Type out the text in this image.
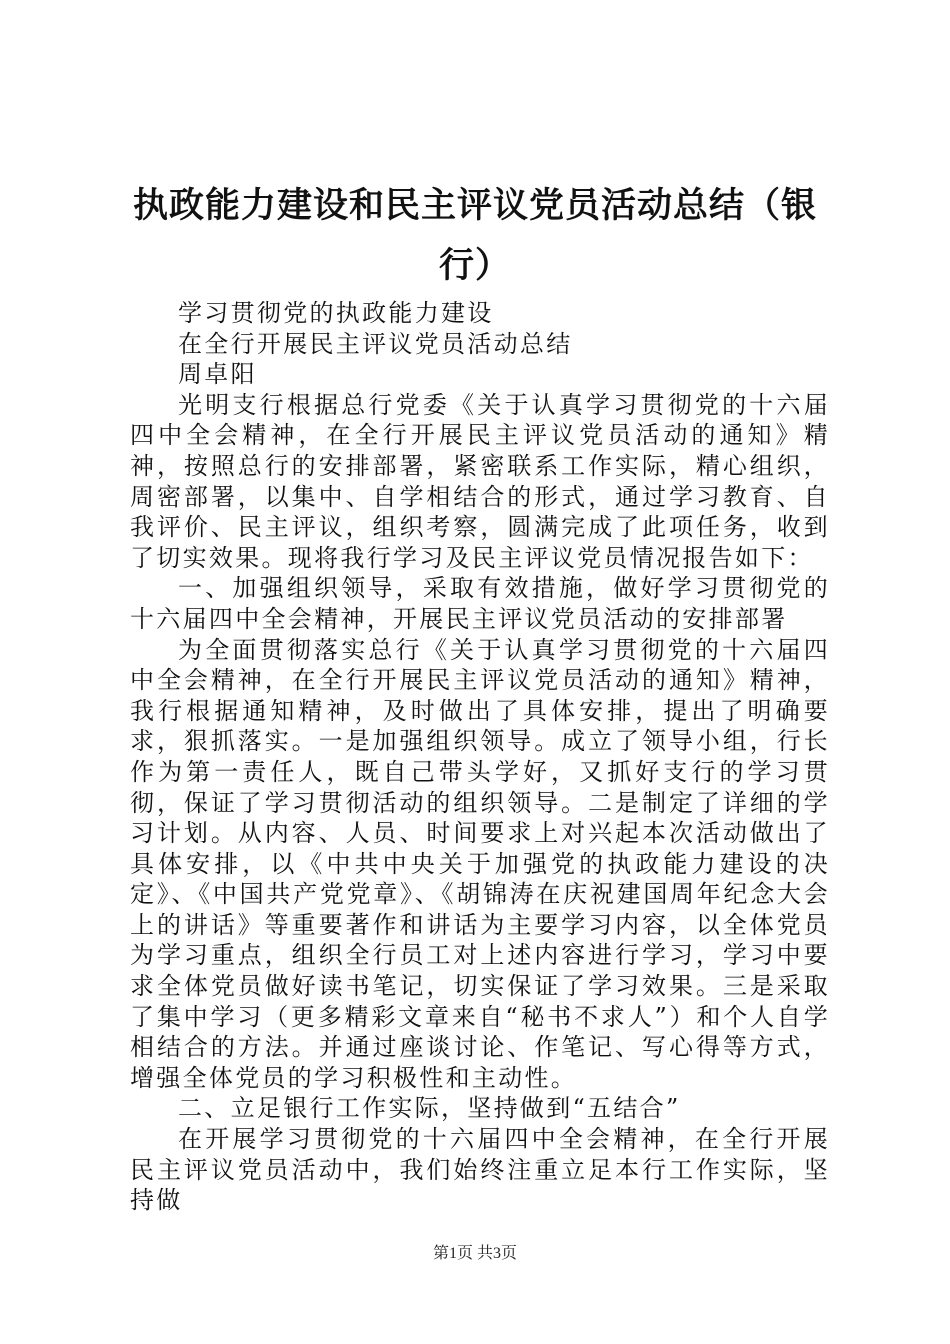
执政能力建设和民主评议党员活动总结（银行）

学习贯彻党的执政能力建设

在全行开展民主评议党员活动总结

周卓阳

光明支行根据总行党委《关于认真学习贯彻党的十六届四中全会精神，在全行开展民主评议党员活动的通知》精神，按照总行的安排部署，紧密联系工作实际，精心组织，周密部署，以集中、自学相结合的形式，通过学习教育、自我评价、民主评议，组织考察，圆满完成了此项任务，收到了切实效果。现将我行学习及民主评议党员情况报告如下：

一、加强组织领导，采取有效措施，做好学习贯彻党的十六届四中全会精神，开展民主评议党员活动的安排部署

为全面贯彻落实总行《关于认真学习贯彻党的十六届四中全会精神，在全行开展民主评议党员活动的通知》精神，我行根据通知精神，及时做出了具体安排，提出了明确要求，狠抓落实。一是加强组织领导。成立了领导小组，行长作为第一责任人，既自己带头学好，又抓好支行的学习贯彻，保证了学习贯彻活动的组织领导。二是制定了详细的学习计划。从内容、人员、时间要求上对兴起本次活动做出了具体安排，以《中共中央关于加强党的执政能力建设的决定》、《中国共产党党章》、《胡锦涛在庆祝建国周年纪念大会上的讲话》等重要著作和讲话为主要学习内容，以全体党员为学习重点，组织全行员工对上述内容进行学习，学习中要求全体党员做好读书笔记，切实保证了学习效果。三是采取了集中学习（更多精彩文章来自“秘书不求人”）和个人自学相结合的方法。并通过座谈讨论、作笔记、写心得等方式，增强全体党员的学习积极性和主动性。

二、立足银行工作实际，坚持做到“五结合”

在开展学习贯彻党的十六届四中全会精神，在全行开展民主评议党员活动中，我们始终注重立足本行工作实际，坚持做

第1页 共3页
